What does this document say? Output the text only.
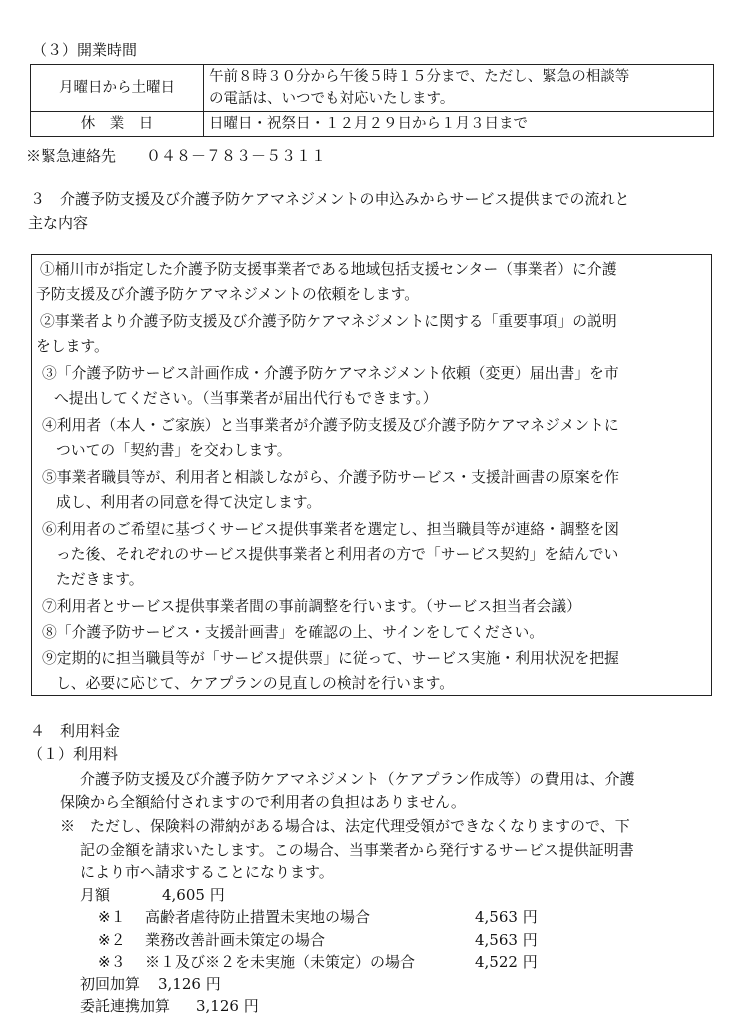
（３）開業時間
月曜日から土曜日	午前８時３０分から午後５時１５分まで、ただし、緊急の相談等
の電話は、いつでも対応いたします。

休　業　日	日曜日・祝祭日・１２月２９日から１月３日まで
※緊急連絡先　　０４８－７８３－５３１１
３　介護予防支援及び介護予防ケアマネジメントの申込みからサービス提供までの流れと
主な内容
①桶川市が指定した介護予防支援事業者である地域包括支援センター（事業者）に介護
予防支援及び介護予防ケアマネジメントの依頼をします。
②事業者より介護予防支援及び介護予防ケアマネジメントに関する「重要事項」の説明
をします。
③「介護予防サービス計画作成・介護予防ケアマネジメント依頼（変更）届出書」を市
へ提出してください。（当事業者が届出代行もできます。）
④利用者（本人・ご家族）と当事業者が介護予防支援及び介護予防ケアマネジメントに
ついての「契約書」を交わします。
⑤事業者職員等が、利用者と相談しながら、介護予防サービス・支援計画書の原案を作
成し、利用者の同意を得て決定します。
⑥利用者のご希望に基づくサービス提供事業者を選定し、担当職員等が連絡・調整を図
った後、それぞれのサービス提供事業者と利用者の方で「サービス契約」を結んでい
ただきます。
⑦利用者とサービス提供事業者間の事前調整を行います。（サービス担当者会議）
⑧「介護予防サービス・支援計画書」を確認の上、サインをしてください。
⑨定期的に担当職員等が「サービス提供票」に従って、サービス実施・利用状況を把握
し、必要に応じて、ケアプランの見直しの検討を行います。
４　利用料金
（１）利用料
介護予防支援及び介護予防ケアマネジメント（ケアプラン作成等）の費用は、介護
保険から全額給付されますので利用者の負担はありません。
※　ただし、保険料の滞納がある場合は、法定代理受領ができなくなりますので、下
記の金額を請求いたします。この場合、当事業者から発行するサービス提供証明書
により市へ請求することになります。
月額	4,605 円
※１ 高齢者虐待防止措置未実地の場合	4,563 円
※２ 業務改善計画未策定の場合	4,563 円
※３ ※１及び※２を未実施（未策定）の場合	4,522 円
初回加算 3,126 円
委託連携加算 3,126 円
